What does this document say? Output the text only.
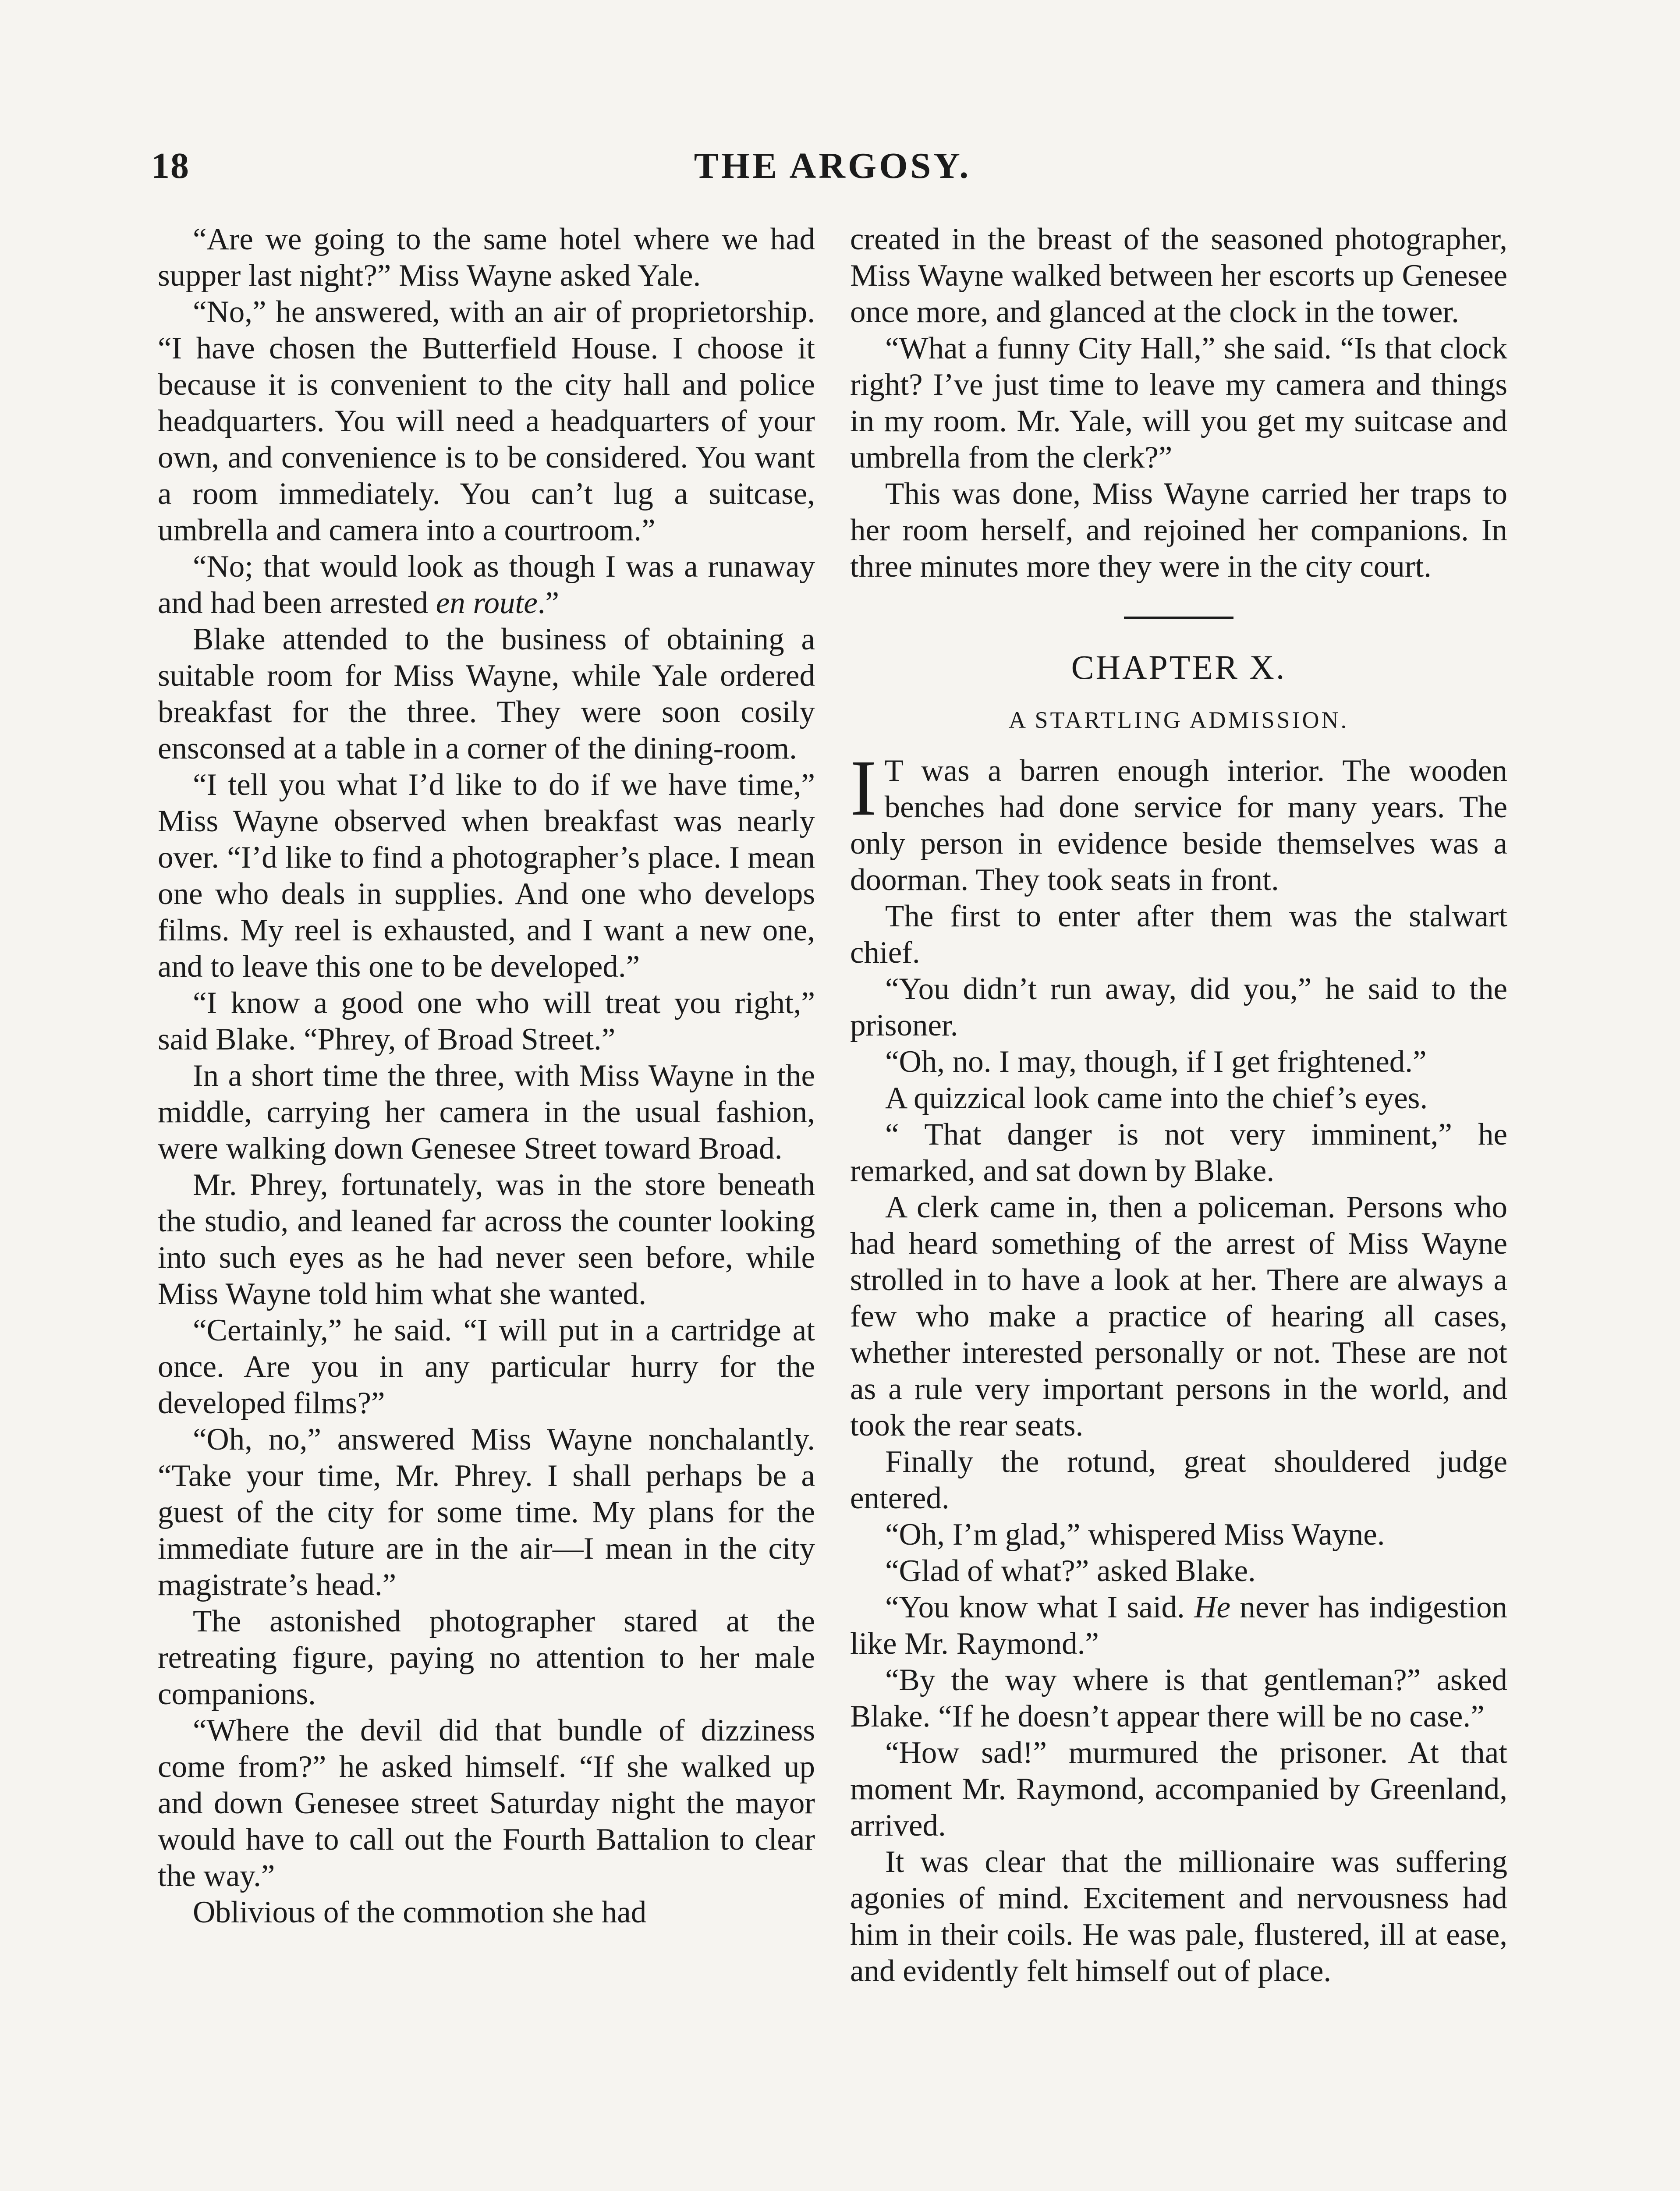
18	THE ARGOSY.

“Are we going to the same hotel where we had supper last night?” Miss Wayne asked Yale.

“No,” he answered, with an air of proprietorship. “I have chosen the Butterfield House. I choose it because it is convenient to the city hall and police headquarters. You will need a headquarters of your own, and convenience is to be considered. You want a room immediately. You can’t lug a suitcase, umbrella and camera into a courtroom.”

“No; that would look as though I was a runaway and had been arrested en route.”

Blake attended to the business of obtaining a suitable room for Miss Wayne, while Yale ordered breakfast for the three. They were soon cosily ensconsed at a table in a corner of the dining-room.

“I tell you what I’d like to do if we have time,” Miss Wayne observed when breakfast was nearly over. “I’d like to find a photographer’s place. I mean one who deals in supplies. And one who develops films. My reel is exhausted, and I want a new one, and to leave this one to be developed.”

“I know a good one who will treat you right,” said Blake. “Phrey, of Broad Street.”

In a short time the three, with Miss Wayne in the middle, carrying her camera in the usual fashion, were walking down Genesee Street toward Broad.

Mr. Phrey, fortunately, was in the store beneath the studio, and leaned far across the counter looking into such eyes as he had never seen before, while Miss Wayne told him what she wanted.

“Certainly,” he said. “I will put in a cartridge at once. Are you in any particular hurry for the developed films?”

“Oh, no,” answered Miss Wayne nonchalantly. “Take your time, Mr. Phrey. I shall perhaps be a guest of the city for some time. My plans for the immediate future are in the air—I mean in the city magistrate’s head.”

The astonished photographer stared at the retreating figure, paying no attention to her male companions.

“Where the devil did that bundle of dizziness come from?” he asked himself. “If she walked up and down Genesee street Saturday night the mayor would have to call out the Fourth Battalion to clear the way.”

Oblivious of the commotion she had

created in the breast of the seasoned photographer, Miss Wayne walked between her escorts up Genesee once more, and glanced at the clock in the tower.

“What a funny City Hall,” she said. “Is that clock right? I’ve just time to leave my camera and things in my room. Mr. Yale, will you get my suitcase and umbrella from the clerk?”

This was done, Miss Wayne carried her traps to her room herself, and rejoined her companions. In three minutes more they were in the city court.

CHAPTER X.
A STARTLING ADMISSION.

I T was a barren enough interior. The wooden benches had done service for many years. The only person in evidence beside themselves was a doorman. They took seats in front.

The first to enter after them was the stalwart chief.

“You didn’t run away, did you,” he said to the prisoner.

“Oh, no. I may, though, if I get frightened.”

A quizzical look came into the chief’s eyes.

“ That danger is not very imminent,” he remarked, and sat down by Blake.

A clerk came in, then a policeman. Persons who had heard something of the arrest of Miss Wayne strolled in to have a look at her. There are always a few who make a practice of hearing all cases, whether interested personally or not. These are not as a rule very important persons in the world, and took the rear seats.

Finally the rotund, great shouldered judge entered.

“Oh, I’m glad,” whispered Miss Wayne.

“Glad of what?” asked Blake.

“You know what I said. He never has indigestion like Mr. Raymond.”

“By the way where is that gentleman?” asked Blake. “If he doesn’t appear there will be no case.”

“How sad!” murmured the prisoner. At that moment Mr. Raymond, accompanied by Greenland, arrived.

It was clear that the millionaire was suffering agonies of mind. Excitement and nervousness had him in their coils. He was pale, flustered, ill at ease, and evidently felt himself out of place.
